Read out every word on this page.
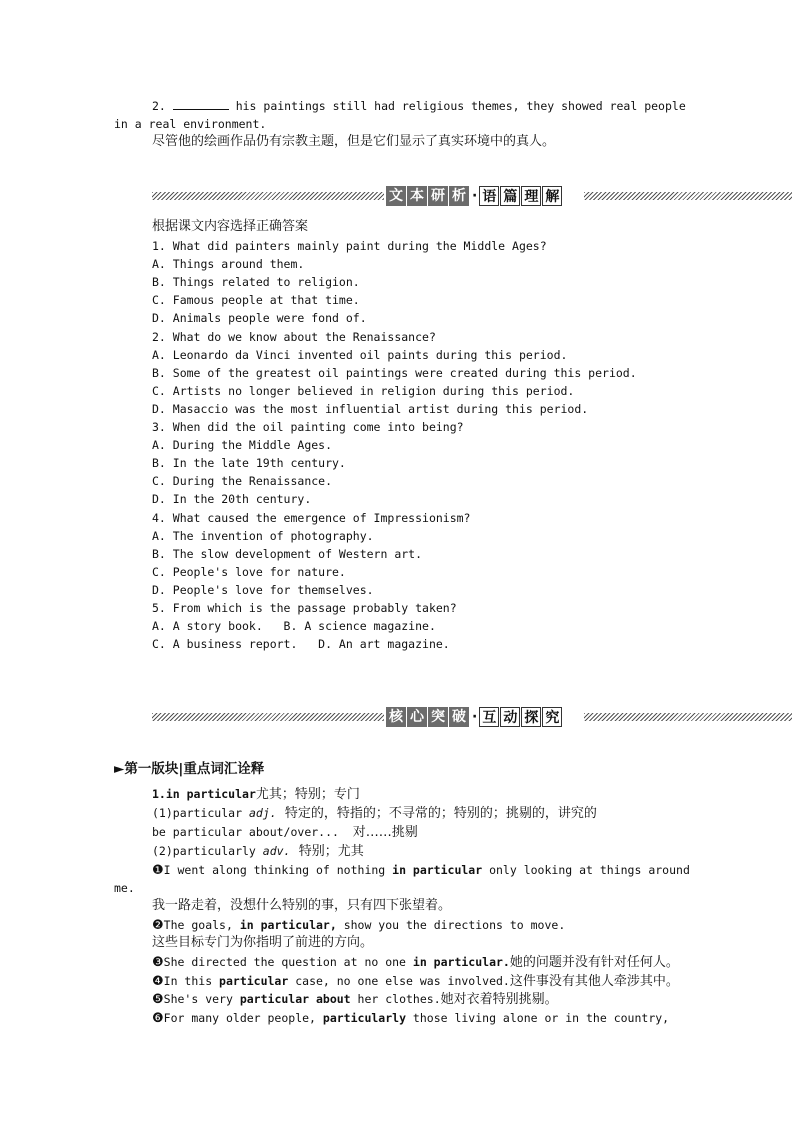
2.	his paintings still had religious themes, they showed real people
in a real environment.
尽管他的绘画作品仍有宗教主题，但是它们显示了真实环境中的真人。
文 本 研 析 · 语 篇 理 解
根据课文内容选择正确答案
1. What did painters mainly paint during the Middle Ages?
A. Things around them.
B. Things related to religion.
C. Famous people at that time.
D. Animals people were fond of.
2. What do we know about the Renaissance?
A. Leonardo da Vinci invented oil paints during this period.
B. Some of the greatest oil paintings were created during this period.
C. Artists no longer believed in religion during this period.
D. Masaccio was the most influential artist during this period.
3. When did the oil painting come into being?
A. During the Middle Ages.
B. In the late 19th century.
C. During the Renaissance.
D. In the 20th century.
4. What caused the emergence of Impressionism?
A. The invention of photography.
B. The slow development of Western art.
C. People's love for nature.
D. People's love for themselves.
5. From which is the passage probably taken?
A. A story book.   B. A science magazine.
C. A business report.   D. An art magazine.
核 心 突 破 · 互 动 探 究
►第一版块|重点词汇诠释
1.in particular尤其；特别；专门
(1)particular adj.  特定的，特指的；不寻常的；特别的；挑剔的，讲究的
be particular about/over...  对……挑剔
(2)particularly adv.  特别；尤其
❶I went along thinking of nothing in particular only looking at things around
me.
我一路走着，没想什么特别的事，只有四下张望着。
❷The goals, in particular, show you the directions to move.
这些目标专门为你指明了前进的方向。
❸She directed the question at no one in particular.她的问题并没有针对任何人。
❹In this particular case, no one else was involved.这件事没有其他人牵涉其中。
❺She's very particular about her clothes.她对衣着特别挑剔。
❻For many older people, particularly those living alone or in the country,
